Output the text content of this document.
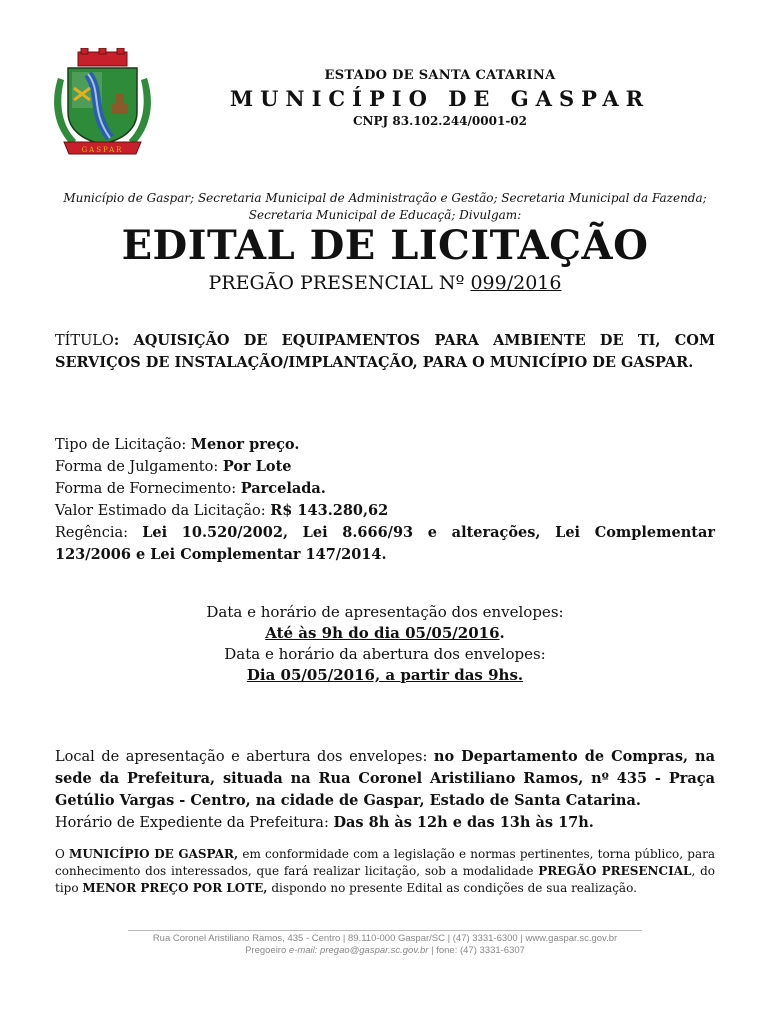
GASPAR
ESTADO DE SANTA CATARINA
MUNICÍPIO DE GASPAR
CNPJ 83.102.244/0001-02
Município de Gaspar; Secretaria Municipal de Administração e Gestão; Secretaria Municipal da Fazenda;
Secretaria Municipal de Educaçã; Divulgam:
EDITAL DE LICITAÇÃO
PREGÃO PRESENCIAL Nº 099/2016
TÍTULO: AQUISIÇÃO DE EQUIPAMENTOS PARA AMBIENTE DE TI, COM SERVIÇOS DE INSTALAÇÃO/IMPLANTAÇÃO, PARA O MUNICÍPIO DE GASPAR.

Tipo de Licitação: Menor preço.

Forma de Julgamento: Por Lote

Forma de Fornecimento: Parcelada.

Valor Estimado da Licitação: R$ 143.280,62

Regência: Lei 10.520/2002, Lei 8.666/93 e alterações, Lei Complementar 123/2006 e Lei Complementar 147/2014.

Data e horário de apresentação dos envelopes:

Até às 9h do dia 05/05/2016.

Data e horário da abertura dos envelopes:

Dia 05/05/2016, a partir das 9hs.

Local de apresentação e abertura dos envelopes: no Departamento de Compras, na sede da Prefeitura, situada na Rua Coronel Aristiliano Ramos, nº 435 - Praça Getúlio Vargas - Centro, na cidade de Gaspar, Estado de Santa Catarina.

Horário de Expediente da Prefeitura: Das 8h às 12h e das 13h às 17h.

O MUNICÍPIO DE GASPAR, em conformidade com a legislação e normas pertinentes, torna público, para conhecimento dos interessados, que fará realizar licitação, sob a modalidade PREGÃO PRESENCIAL, do tipo MENOR PREÇO POR LOTE, dispondo no presente Edital as condições de sua realização.

Rua Coronel Aristiliano Ramos, 435 - Centro | 89.110-000 Gaspar/SC | (47) 3331-6300 | www.gaspar.sc.gov.br

Pregoeiro e-mail: pregao@gaspar.sc.gov.br | fone: (47) 3331-6307
